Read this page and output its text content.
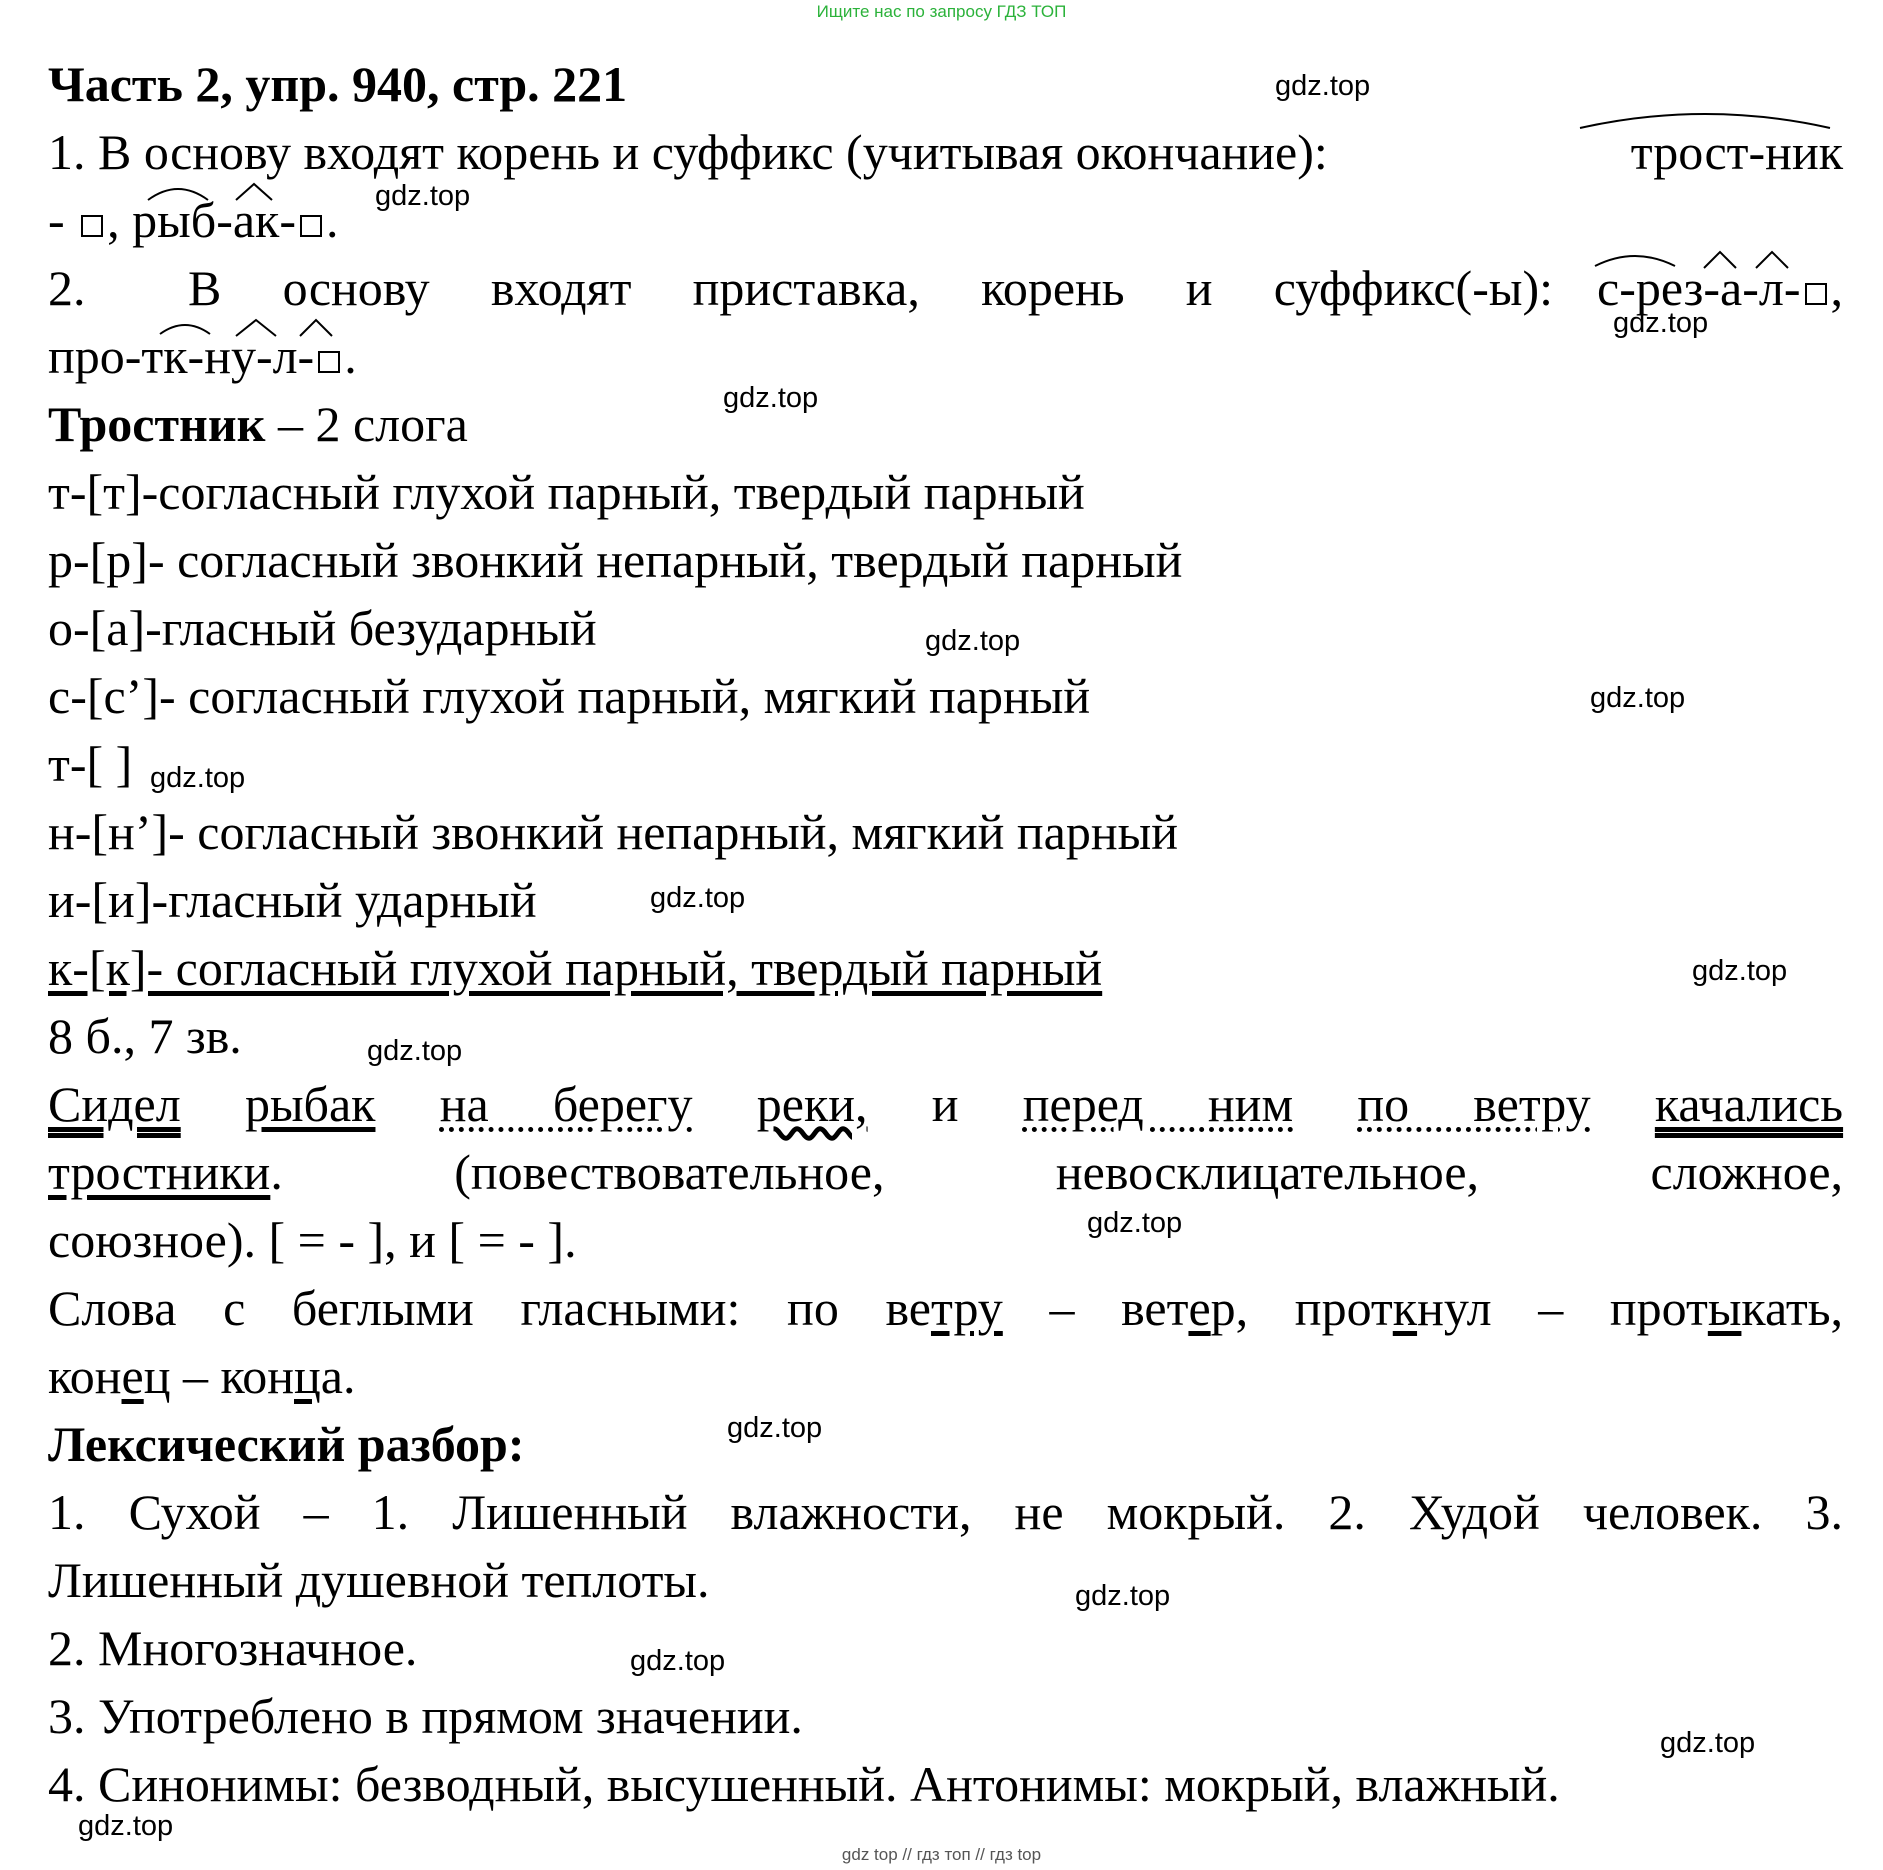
Ищите нас по запросу ГДЗ ТОП
Часть 2, упр. 940, стр. 221
1. В основу входят корень и суффикс (учитывая окончание):	трост-ник
- , рыб-ак- .
2. В основу входят приставка, корень и суффикс(-ы): с-рез-а-л- ,
про-тк-ну-л- .
Тростник – 2 слога
т-[т]-согласный глухой парный, твердый парный
р-[р]- согласный звонкий непарный, твердый парный
о-[а]-гласный безударный
с-[с’]- согласный глухой парный, мягкий парный
т-[ ]
н-[н’]- согласный звонкий непарный, мягкий парный
и-[и]-гласный ударный
к-[к]- согласный глухой парный, твердый парный
8 б., 7 зв.
Сидел рыбак на берегу реки, и перед ним по ветру качались
тростники.	(повествовательное,	невосклицательное,	сложное,
союзное). [ = - ], и [ = - ].
Слова с беглыми гласными: по ветру – ветер, проткнул – протыкать,
конец – конца.
Лексический разбор:
1. Сухой – 1. Лишенный влажности, не мокрый. 2. Худой человек. 3.
Лишенный душевной теплоты.
2. Многозначное.
3. Употреблено в прямом значении.
4. Синонимы: безводный, высушенный. Антонимы: мокрый, влажный.
gdz.top
gdz.top
gdz.top
gdz.top
gdz.top
gdz.top
gdz.top
gdz.top
gdz.top
gdz.top
gdz.top
gdz.top
gdz.top
gdz.top
gdz.top
gdz.top
gdz top // гдз топ // гдз top
